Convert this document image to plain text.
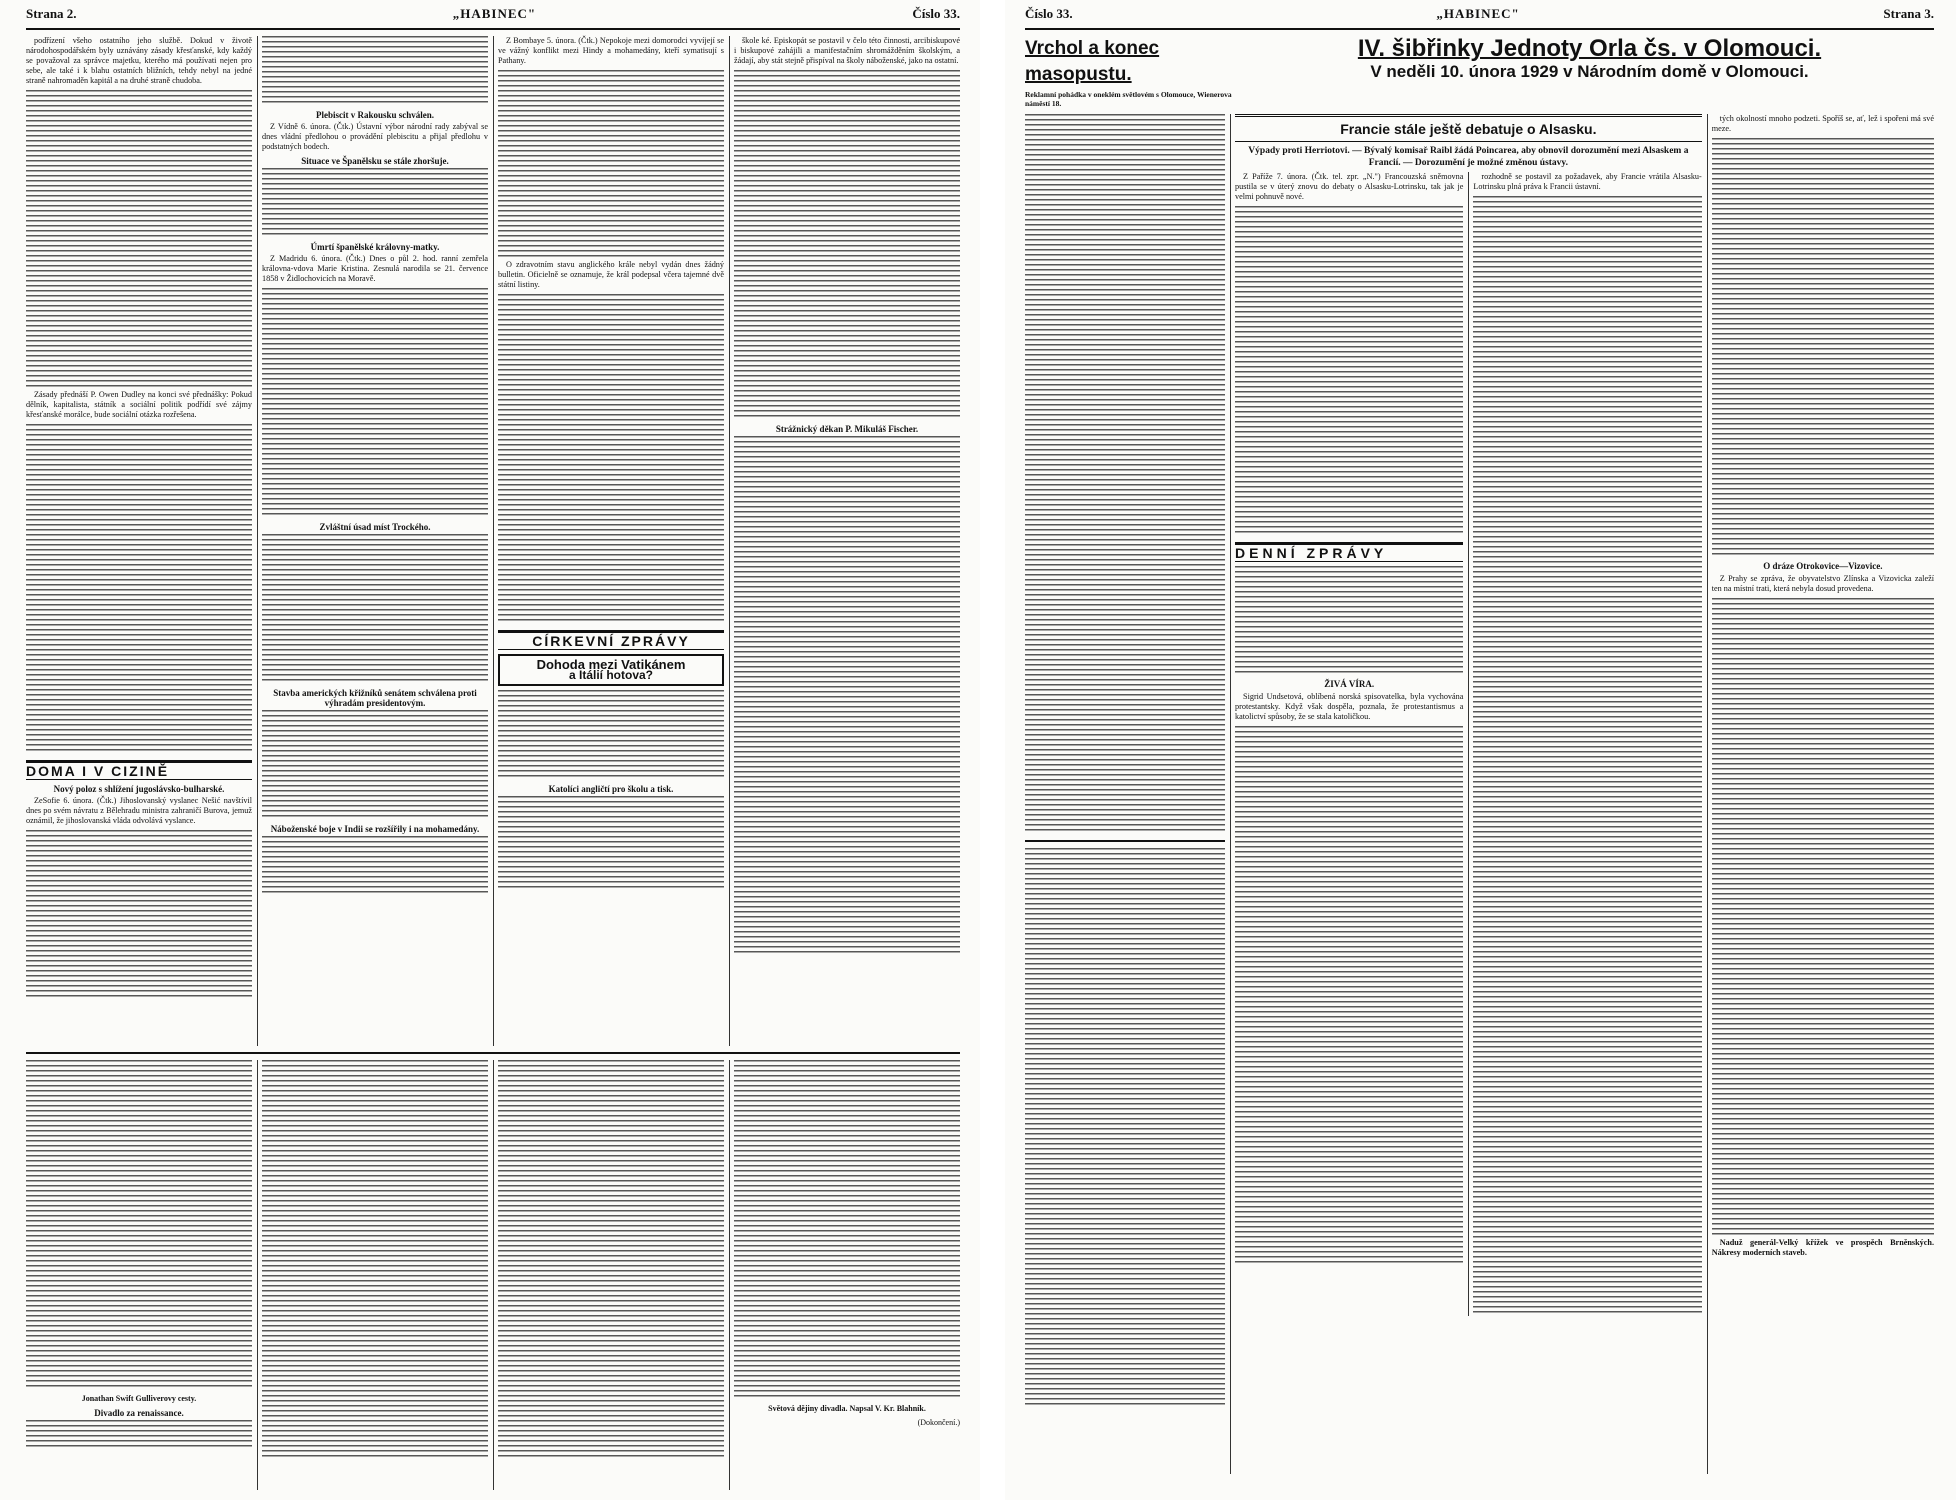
Strana 2.	„HABINEC"	Číslo 33.

podřízení všeho ostatního jeho službě. Dokud v životě národohospodářském byly uznávány zásady křesťanské, kdy každý se považoval za správce majetku, kterého má používati nejen pro sebe, ale také i k blahu ostatních bližních, tehdy nebyl na jedné straně nahromaděn kapitál a na druhé straně chudoba.

Zásady přednáší P. Owen Dudley na konci své přednášky: Pokud dělník, kapitalista, státník a sociální politik podřídí své zájmy křesťanské morálce, bude sociální otázka rozřešena.

DOMA I V CIZINĚ
Nový poloz s shlížení jugoslávsko-bulharské.

ZeSofie 6. února. (Čtk.) Jihoslovanský vyslanec Nešić navštívil dnes po svém návratu z Bělehradu ministra zahraničí Burova, jemuž oznámil, že jihoslovanská vláda odvolává vyslance.

Plebiscit v Rakousku schválen.

Z Vídně 6. února. (Čtk.) Ústavní výbor národní rady zabýval se dnes vládní předlohou o provádění plebiscitu a přijal předlohu v podstatných bodech.

Situace ve Španělsku se stále zhoršuje.
Úmrtí španělské královny-matky.

Z Madridu 6. února. (Čtk.) Dnes o půl 2. hod. ranní zemřela královna-vdova Marie Kristina. Zesnulá narodila se 21. července 1858 v Židlochovicích na Moravě.

Zvláštní úsad míst Trockého.
Stavba amerických křižníků senátem schválena proti výhradám presidentovým.
Náboženské boje v Indii se rozšířily i na mohamedány.

Z Bombaye 5. února. (Čtk.) Nepokoje mezi domorodci vyvíjejí se ve vážný konflikt mezi Hindy a mohamedány, kteří symatisují s Pathany.

O zdravotním stavu anglického krále nebyl vydán dnes žádný bulletin. Oficielně se oznamuje, že král podepsal včera tajemné dvě státní listiny.

CÍRKEVNÍ ZPRÁVY
Dohoda mezi Vatikánem
a Itálií hotova?
Katolíci angličtí pro školu a tisk.

škole ké. Episkopát se postavil v čelo této činnosti, arcibiskupové i biskupové zahájili a manifestačním shromážděním školským, a žádají, aby stát stejně přispíval na školy náboženské, jako na ostatní.

Strážnický děkan P. Mikuláš Fischer.
Jonathan Swift Gulliverovy cesty.
Divadlo za renaissance.	Světová dějiny divadla. Napsal V. Kr. Blahník.
(Dokončení.)
Číslo 33.	„HABINEC"	Strana 3.
Vrchol a konec masopustu.
Reklamní pohádka v oneklém světlovém s Olomouce, Wienerova náměstí 18.
IV. šibřinky Jednoty Orla čs. v Olomouci.
V neděli 10. února 1929 v Národním domě v Olomouci.
Francie stále ještě debatuje o Alsasku.
Výpady proti Herriotovi. — Bývalý komisař Raibl žádá Poincarea, aby obnovil dorozumění mezi Alsaskem a Francií. — Dorozumění je možné změnou ústavy.

Z Paříže 7. února. (Čtk. tel. zpr. „N.") Francouzská sněmovna pustila se v úterý znovu do debaty o Alsasku-Lotrinsku, tak jak je velmi pohnuvě nové.

DENNÍ ZPRÁVY
ŽIVÁ VÍRA.

Sigrid Undsetová, oblíbená norská spisovatelka, byla vychována protestantsky. Když však dospěla, poznala, že protestantismus a katolictví spůsoby, že se stala katoličkou.

rozhodně se postavil za požadavek, aby Francie vrátila Alsasku-Lotrinsku plná práva k Francii ústavní.

tých okolností mnoho podzeti. Spoříš se, ať, lež i spořeni má své meze.

O dráze Otrokovice—Vizovice.

Z Prahy se zpráva, že obyvatelstvo Zlínska a Vizovicka zaleží ten na místní trati, která nebyla dosud provedena.

Naduž generál-Velký křížek ve prospěch Brněnských. Nákresy moderních staveb.
